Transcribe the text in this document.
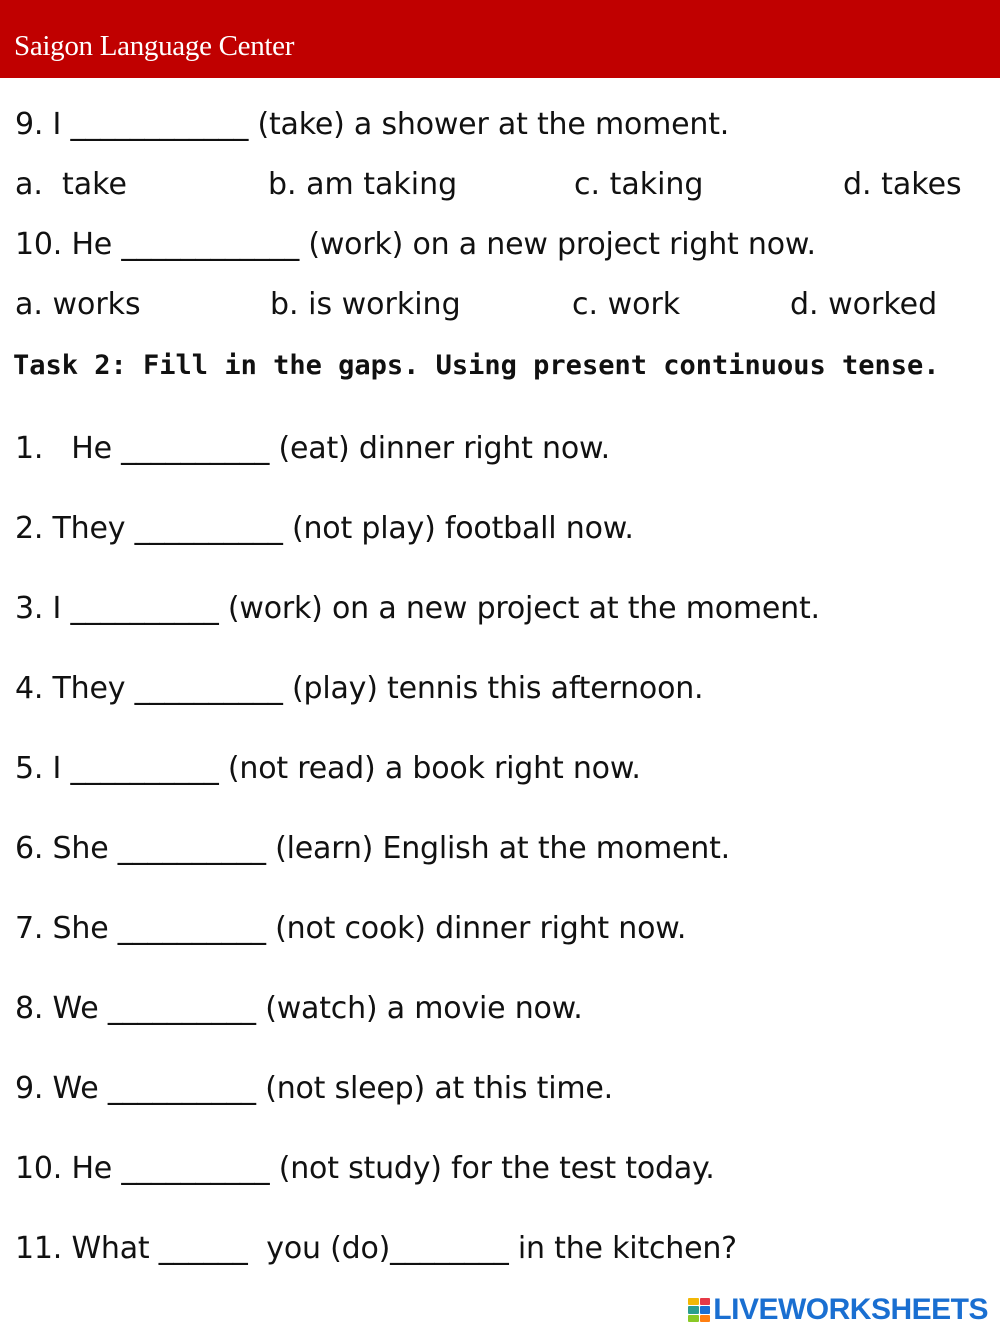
Saigon Language Center
9. I ____________ (take) a shower at the moment.
a.  take	b. am taking	c. taking	d. takes
10. He ____________ (work) on a new project right now.
a. works	b. is working	c. work	d. worked
Task 2: Fill in the gaps. Using present continuous tense.
1.   He __________ (eat) dinner right now.
2. They __________ (not play) football now.
3. I __________ (work) on a new project at the moment.
4. They __________ (play) tennis this afternoon.
5. I __________ (not read) a book right now.
6. She __________ (learn) English at the moment.
7. She __________ (not cook) dinner right now.
8. We __________ (watch) a movie now.
9. We __________ (not sleep) at this time.
10. He __________ (not study) for the test today.
11. What ______  you (do)________ in the kitchen?
LIVEWORKSHEETS
